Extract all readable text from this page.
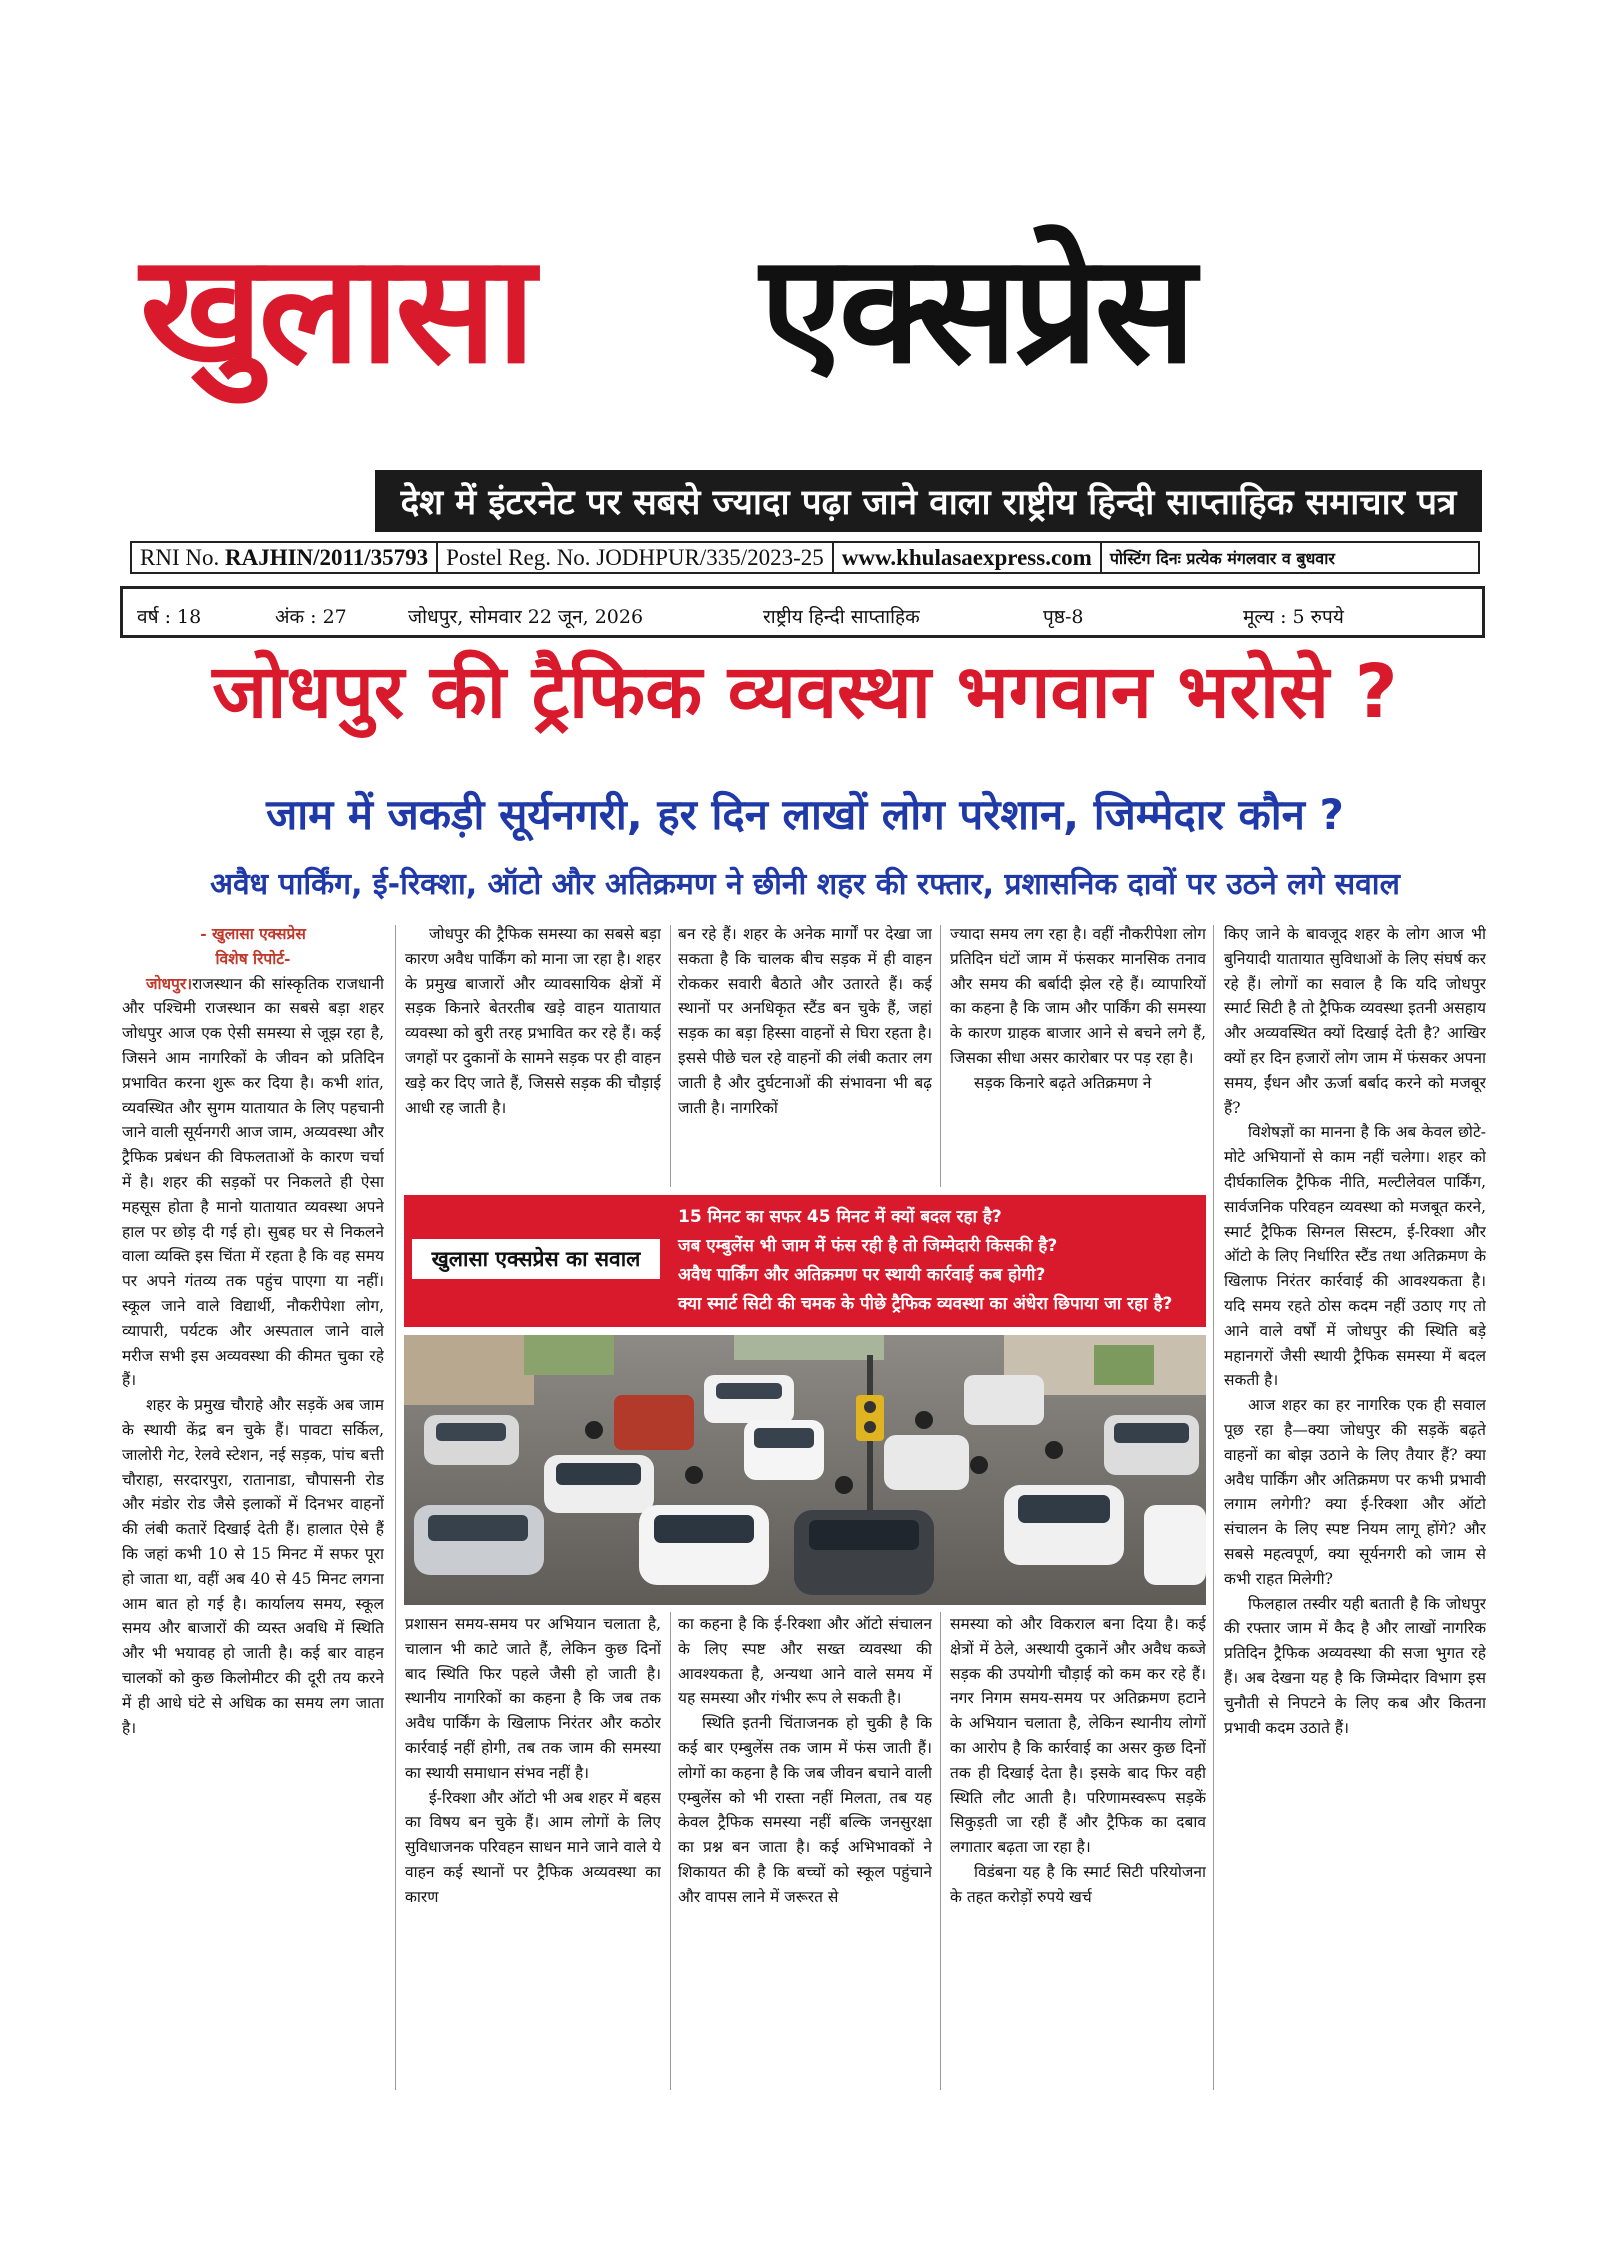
खुलासा एक्सप्रेस
देश में इंटरनेट पर सबसे ज्यादा पढ़ा जाने वाला राष्ट्रीय हिन्दी साप्ताहिक समाचार पत्र
RNI No.
RAJHIN/2011/35793 Postel Reg. No. JODHPUR/335/2023-25 www.khulasaexpress.com	पोस्टिंग दिनः प्रत्येक मंगलवार व बुधवार
वर्ष : 18	अंक : 27	जोधपुर, सोमवार 22 जून, 2026	राष्ट्रीय हिन्दी साप्ताहिक	पृष्ठ-8	मूल्य : 5 रुपये
जोधपुर की ट्रैफिक व्यवस्था भगवान भरोसे ?
जाम में जकड़ी सूर्यनगरी, हर दिन लाखों लोग परेशान, जिम्मेदार कौन ?
अवैध पार्किंग, ई-रिक्शा, ऑटो और अतिक्रमण ने छीनी शहर की रफ्तार, प्रशासनिक दावों पर उठने लगे सवाल
- खुलासा एक्सप्रेस
विशेष रिपोर्ट-

जोधपुर।राजस्थान की सांस्कृतिक राजधानी और पश्चिमी राजस्थान का सबसे बड़ा शहर जोधपुर आज एक ऐसी समस्या से जूझ रहा है, जिसने आम नागरिकों के जीवन को प्रतिदिन प्रभावित करना शुरू कर दिया है। कभी शांत, व्यवस्थित और सुगम यातायात के लिए पहचानी जाने वाली सूर्यनगरी आज जाम, अव्यवस्था और ट्रैफिक प्रबंधन की विफलताओं के कारण चर्चा में है। शहर की सड़कों पर निकलते ही ऐसा महसूस होता है मानो यातायात व्यवस्था अपने हाल पर छोड़ दी गई हो। सुबह घर से निकलने वाला व्यक्ति इस चिंता में रहता है कि वह समय पर अपने गंतव्य तक पहुंच पाएगा या नहीं। स्कूल जाने वाले विद्यार्थी, नौकरीपेशा लोग, व्यापारी, पर्यटक और अस्पताल जाने वाले मरीज सभी इस अव्यवस्था की कीमत चुका रहे हैं।

शहर के प्रमुख चौराहे और सड़कें अब जाम के स्थायी केंद्र बन चुके हैं। पावटा सर्किल, जालोरी गेट, रेलवे स्टेशन, नई सड़क, पांच बत्ती चौराहा, सरदारपुरा, रातानाडा, चौपासनी रोड और मंडोर रोड जैसे इलाकों में दिनभर वाहनों की लंबी कतारें दिखाई देती हैं। हालात ऐसे हैं कि जहां कभी 10 से 15 मिनट में सफर पूरा हो जाता था, वहीं अब 40 से 45 मिनट लगना आम बात हो गई है। कार्यालय समय, स्कूल समय और बाजारों की व्यस्त अवधि में स्थिति और भी भयावह हो जाती है। कई बार वाहन चालकों को कुछ किलोमीटर की दूरी तय करने में ही आधे घंटे से अधिक का समय लग जाता है।

जोधपुर की ट्रैफिक समस्या का सबसे बड़ा कारण अवैध पार्किंग को माना जा रहा है। शहर के प्रमुख बाजारों और व्यावसायिक क्षेत्रों में सड़क किनारे बेतरतीब खड़े वाहन यातायात व्यवस्था को बुरी तरह प्रभावित कर रहे हैं। कई जगहों पर दुकानों के सामने सड़क पर ही वाहन खड़े कर दिए जाते हैं, जिससे सड़क की चौड़ाई आधी रह जाती है।

बन रहे हैं। शहर के अनेक मार्गों पर देखा जा सकता है कि चालक बीच सड़क में ही वाहन रोककर सवारी बैठाते और उतारते हैं। कई स्थानों पर अनधिकृत स्टैंड बन चुके हैं, जहां सड़क का बड़ा हिस्सा वाहनों से घिरा रहता है। इससे पीछे चल रहे वाहनों की लंबी कतार लग जाती है और दुर्घटनाओं की संभावना भी बढ़ जाती है। नागरिकों

ज्यादा समय लग रहा है। वहीं नौकरीपेशा लोग प्रतिदिन घंटों जाम में फंसकर मानसिक तनाव और समय की बर्बादी झेल रहे हैं। व्यापारियों का कहना है कि जाम और पार्किंग की समस्या के कारण ग्राहक बाजार आने से बचने लगे हैं, जिसका सीधा असर कारोबार पर पड़ रहा है।

सड़क किनारे बढ़ते अतिक्रमण ने

किए जाने के बावजूद शहर के लोग आज भी बुनियादी यातायात सुविधाओं के लिए संघर्ष कर रहे हैं। लोगों का सवाल है कि यदि जोधपुर स्मार्ट सिटी है तो ट्रैफिक व्यवस्था इतनी असहाय और अव्यवस्थित क्यों दिखाई देती है? आखिर क्यों हर दिन हजारों लोग जाम में फंसकर अपना समय, ईंधन और ऊर्जा बर्बाद करने को मजबूर हैं?

विशेषज्ञों का मानना है कि अब केवल छोटे-मोटे अभियानों से काम नहीं चलेगा। शहर को दीर्घकालिक ट्रैफिक नीति, मल्टीलेवल पार्किंग, सार्वजनिक परिवहन व्यवस्था को मजबूत करने, स्मार्ट ट्रैफिक सिग्नल सिस्टम, ई-रिक्शा और ऑटो के लिए निर्धारित स्टैंड तथा अतिक्रमण के खिलाफ निरंतर कार्रवाई की आवश्यकता है। यदि समय रहते ठोस कदम नहीं उठाए गए तो आने वाले वर्षों में जोधपुर की स्थिति बड़े महानगरों जैसी स्थायी ट्रैफिक समस्या में बदल सकती है।

आज शहर का हर नागरिक एक ही सवाल पूछ रहा है—क्या जोधपुर की सड़कें बढ़ते वाहनों का बोझ उठाने के लिए तैयार हैं? क्या अवैध पार्किंग और अतिक्रमण पर कभी प्रभावी लगाम लगेगी? क्या ई-रिक्शा और ऑटो संचालन के लिए स्पष्ट नियम लागू होंगे? और सबसे महत्वपूर्ण, क्या सूर्यनगरी को जाम से कभी राहत मिलेगी?

फिलहाल तस्वीर यही बताती है कि जोधपुर की रफ्तार जाम में कैद है और लाखों नागरिक प्रतिदिन ट्रैफिक अव्यवस्था की सजा भुगत रहे हैं। अब देखना यह है कि जिम्मेदार विभाग इस चुनौती से निपटने के लिए कब और कितना प्रभावी कदम उठाते हैं।

खुलासा एक्सप्रेस का सवाल
15 मिनट का सफर 45 मिनट में क्यों बदल रहा है?
जब एम्बुलेंस भी जाम में फंस रही है तो जिम्मेदारी किसकी है?
अवैध पार्किंग और अतिक्रमण पर स्थायी कार्रवाई कब होगी?
क्या स्मार्ट सिटी की चमक के पीछे ट्रैफिक व्यवस्था का अंधेरा छिपाया जा रहा है?

प्रशासन समय-समय पर अभियान चलाता है, चालान भी काटे जाते हैं, लेकिन कुछ दिनों बाद स्थिति फिर पहले जैसी हो जाती है। स्थानीय नागरिकों का कहना है कि जब तक अवैध पार्किंग के खिलाफ निरंतर और कठोर कार्रवाई नहीं होगी, तब तक जाम की समस्या का स्थायी समाधान संभव नहीं है।

ई-रिक्शा और ऑटो भी अब शहर में बहस का विषय बन चुके हैं। आम लोगों के लिए सुविधाजनक परिवहन साधन माने जाने वाले ये वाहन कई स्थानों पर ट्रैफिक अव्यवस्था का कारण

का कहना है कि ई-रिक्शा और ऑटो संचालन के लिए स्पष्ट और सख्त व्यवस्था की आवश्यकता है, अन्यथा आने वाले समय में यह समस्या और गंभीर रूप ले सकती है।

स्थिति इतनी चिंताजनक हो चुकी है कि कई बार एम्बुलेंस तक जाम में फंस जाती हैं। लोगों का कहना है कि जब जीवन बचाने वाली एम्बुलेंस को भी रास्ता नहीं मिलता, तब यह केवल ट्रैफिक समस्या नहीं बल्कि जनसुरक्षा का प्रश्न बन जाता है। कई अभिभावकों ने शिकायत की है कि बच्चों को स्कूल पहुंचाने और वापस लाने में जरूरत से

समस्या को और विकराल बना दिया है। कई क्षेत्रों में ठेले, अस्थायी दुकानें और अवैध कब्जे सड़क की उपयोगी चौड़ाई को कम कर रहे हैं। नगर निगम समय-समय पर अतिक्रमण हटाने के अभियान चलाता है, लेकिन स्थानीय लोगों का आरोप है कि कार्रवाई का असर कुछ दिनों तक ही दिखाई देता है। इसके बाद फिर वही स्थिति लौट आती है। परिणामस्वरूप सड़कें सिकुड़ती जा रही हैं और ट्रैफिक का दबाव लगातार बढ़ता जा रहा है।

विडंबना यह है कि स्मार्ट सिटी परियोजना के तहत करोड़ों रुपये खर्च
